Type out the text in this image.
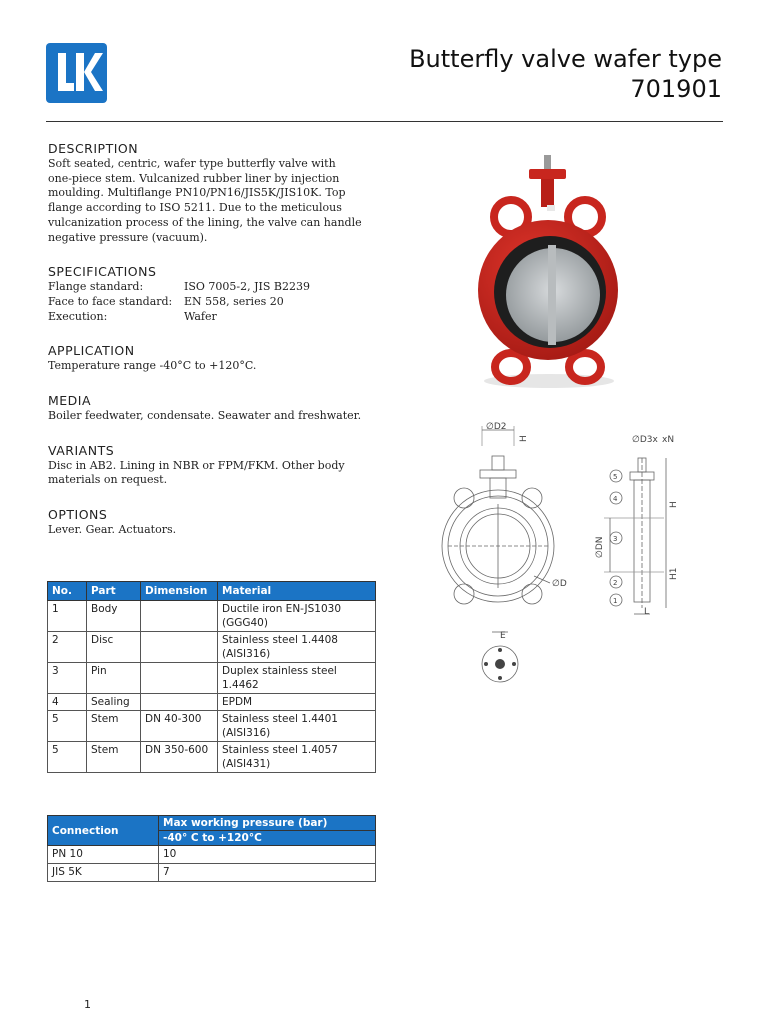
Butterfly valve wafer type
701901
DESCRIPTION

Soft seated, centric, wafer type butterfly valve with

one-piece stem. Vulcanized rubber liner by injection

moulding. Multiflange PN10/PN16/JIS5K/JIS10K. Top

flange according to ISO 5211. Due to the meticulous

vulcanization process of the lining, the valve can handle

negative pressure (vacuum).

SPECIFICATIONS
Flange standard:	ISO 7005-2, JIS B2239
Face to face standard:	EN 558, series 20
Execution:	Wafer
APPLICATION

Temperature range -40°C to +120°C.

MEDIA

Boiler feedwater, condensate. Seawater and freshwater.

VARIANTS

Disc in AB2. Lining in NBR or FPM/FKM. Other body

materials on request.

OPTIONS

Lever. Gear. Actuators.

No.	Part	Dimension	Material
1	Body		Ductile iron EN-JS1030 (GGG40)
2	Disc		Stainless steel 1.4408 (AISI316)
3	Pin		Duplex stainless steel 1.4462
4	Sealing		EPDM
5	Stem	DN 40-300	Stainless steel 1.4401 (AISI316)
5	Stem	DN 350-600	Stainless steel 1.4057 (AISI431)
Connection	Max working pressure (bar)
	-40° C to +120°C
PN 10	10
JIS 5K	7
∅D2
H
∅D
∅D3x xN
∅DN
H
H1
L
5
4
3
2
1
E
1
